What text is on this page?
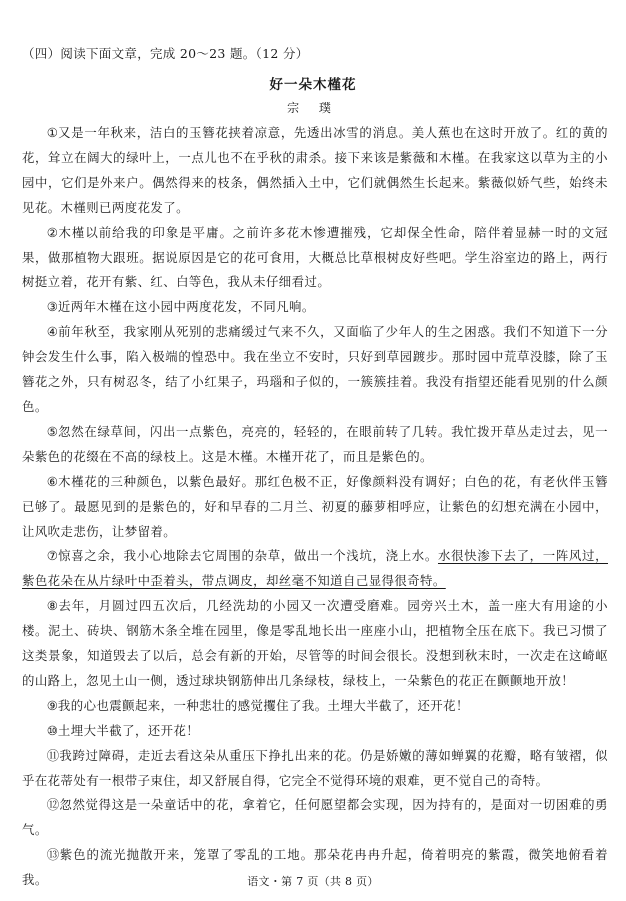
（四）阅读下面文章，完成 20～23 题。（12 分）
好一朵木槿花
宗 璞

①又是一年秋来，洁白的玉簪花挟着凉意，先透出冰雪的消息。美人蕉也在这时开放了。红的黄的花，耸立在阔大的绿叶上，一点儿也不在乎秋的肃杀。接下来该是紫薇和木槿。在我家这以草为主的小园中，它们是外来户。偶然得来的枝条，偶然插入土中，它们就偶然生长起来。紫薇似娇气些，始终未见花。木槿则已两度花发了。

②木槿以前给我的印象是平庸。之前许多花木惨遭摧残，它却保全性命，陪伴着显赫一时的文冠果，做那植物大跟班。据说原因是它的花可食用，大概总比草根树皮好些吧。学生浴室边的路上，两行树挺立着，花开有紫、红、白等色，我从未仔细看过。

③近两年木槿在这小园中两度花发，不同凡响。

④前年秋至，我家刚从死别的悲痛缓过气来不久，又面临了少年人的生之困惑。我们不知道下一分钟会发生什么事，陷入极端的惶恐中。我在坐立不安时，只好到草园踱步。那时园中荒草没膝，除了玉簪花之外，只有树忍冬，结了小红果子，玛瑙和子似的，一簇簇挂着。我没有指望还能看见别的什么颜色。

⑤忽然在绿草间，闪出一点紫色，亮亮的，轻轻的，在眼前转了几转。我忙拨开草丛走过去，见一朵紫色的花缀在不高的绿枝上。这是木槿。木槿开花了，而且是紫色的。

⑥木槿花的三种颜色，以紫色最好。那红色极不正，好像颜料没有调好；白色的花，有老伙伴玉簪已够了。最愿见到的是紫色的，好和早春的二月兰、初夏的藤萝相呼应，让紫色的幻想充满在小园中，让风吹走悲伤，让梦留着。

⑦惊喜之余，我小心地除去它周围的杂草，做出一个浅坑，浇上水。水很快渗下去了，一阵风过，紫色花朵在从片绿叶中歪着头，带点调皮，却丝毫不知道自己显得很奇特。

⑧去年，月圆过四五次后，几经洗劫的小园又一次遭受磨难。园旁兴土木，盖一座大有用途的小楼。泥土、砖块、钢筋木条全堆在园里，像是零乱地长出一座座小山，把植物全压在底下。我已习惯了这类景象，知道毁去了以后，总会有新的开始，尽管等的时间会很长。没想到秋末时，一次走在这崎岖的山路上，忽见土山一侧，透过球块钢筋伸出几条绿枝，绿枝上，一朵紫色的花正在颤颤地开放！

⑨我的心也震颤起来，一种悲壮的感觉攫住了我。土埋大半截了，还开花！

⑩土埋大半截了，还开花！

⑪我跨过障碍，走近去看这朵从重压下挣扎出来的花。仍是娇嫩的薄如蝉翼的花瓣，略有皱褶，似乎在花蒂处有一根带子束住，却又舒展自得，它完全不觉得环境的艰难，更不觉自己的奇特。

⑫忽然觉得这是一朵童话中的花，拿着它，任何愿望都会实现，因为持有的，是面对一切困难的勇气。

⑬紫色的流光抛散开来，笼罩了零乱的工地。那朵花冉冉升起，倚着明亮的紫霞，微笑地俯看着我。	语文・第 7 页（共 8 页）
